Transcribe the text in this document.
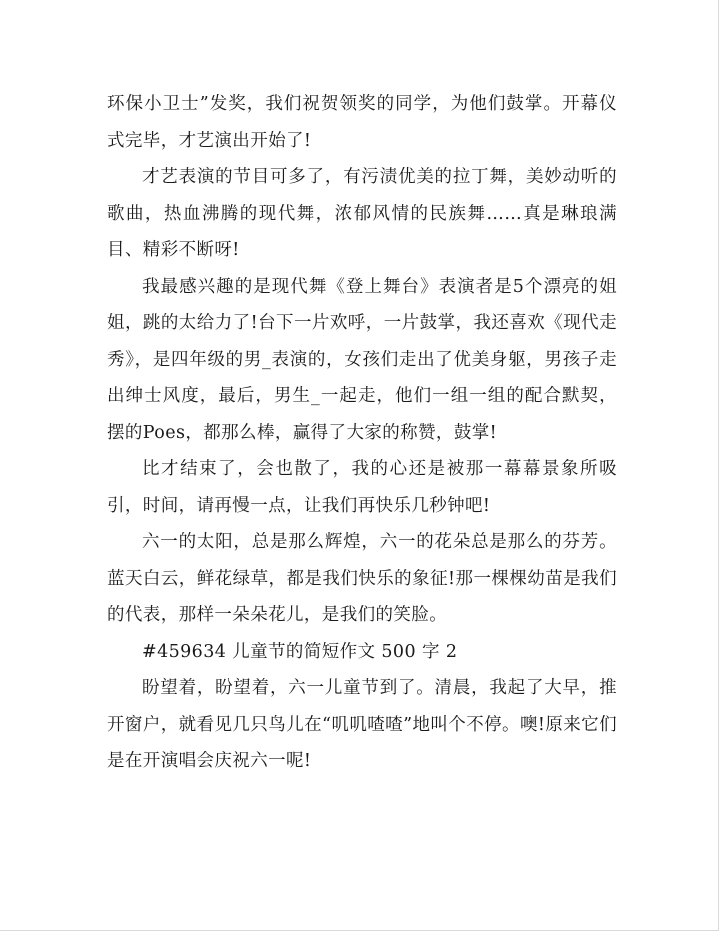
环保小卫士”发奖，我们祝贺领奖的同学，为他们鼓掌。开幕仪式完毕，才艺演出开始了!

才艺表演的节目可多了，有污渍优美的拉丁舞，美妙动听的歌曲，热血沸腾的现代舞，浓郁风情的民族舞……真是琳琅满目、精彩不断呀!

我最感兴趣的是现代舞《登上舞台》表演者是5个漂亮的姐姐，跳的太给力了!台下一片欢呼，一片鼓掌，我还喜欢《现代走秀》，是四年级的男_表演的，女孩们走出了优美身躯，男孩子走出绅士风度，最后，男生_一起走，他们一组一组的配合默契，摆的Poes，都那么棒，赢得了大家的称赞，鼓掌!

比才结束了，会也散了，我的心还是被那一幕幕景象所吸引，时间，请再慢一点，让我们再快乐几秒钟吧!

六一的太阳，总是那么辉煌，六一的花朵总是那么的芬芳。蓝天白云，鲜花绿草，都是我们快乐的象征!那一棵棵幼苗是我们的代表，那样一朵朵花儿，是我们的笑脸。

#459634 儿童节的简短作文 500 字 2

盼望着，盼望着，六一儿童节到了。清晨，我起了大早，推开窗户，就看见几只鸟儿在“叽叽喳喳”地叫个不停。噢!原来它们是在开演唱会庆祝六一呢!
